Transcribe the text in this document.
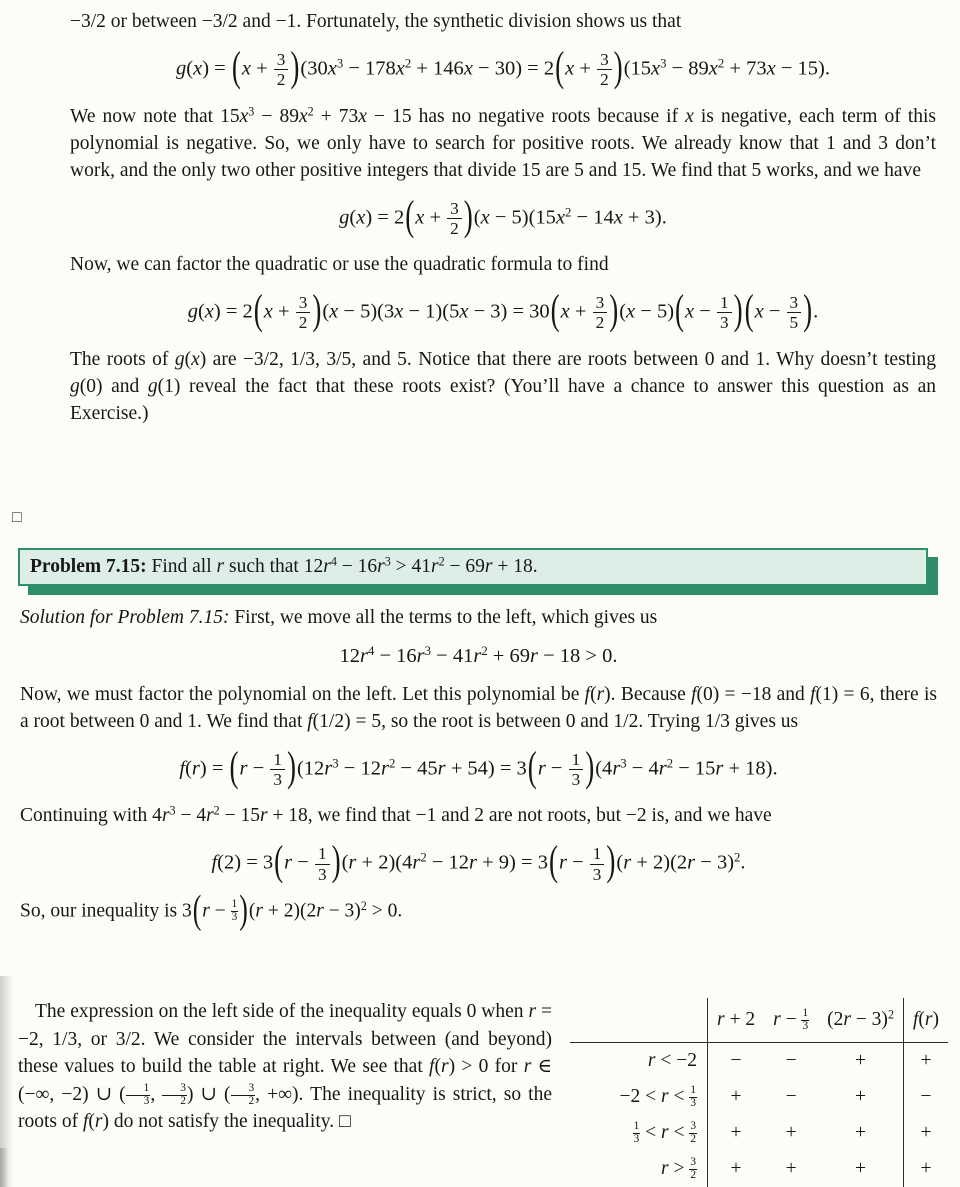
−3/2 or between −3/2 and −1. Fortunately, the synthetic division shows us that

$g(x) = (x + \frac{3}{2} )(30x^3 - 178x^2 + 146x - 30) = 2(x + \frac{3}{2} )(15x^3 - 89x^2 + 73x - 15)$.

We now note that $15x^3 - 89x^2 + 73x - 15$ has no negative roots because if x is negative, each term of this polynomial is negative. So, we only have to search for positive roots. We already know that 1 and 3 don’t work, and the only two other positive integers that divide 15 are 5 and 15. We find that 5 works, and we have

$g(x) = 2(x + \frac{3}{2} )(x - 5)(15x^2 - 14x + 3)$.

Now, we can factor the quadratic or use the quadratic formula to find

$g(x) = 2(x + \frac{3}{2} )(x - 5)(3x - 1)(5x - 3) = 30(x + \frac{3}{2} )(x - 5)(x - \frac{1}{3} )(x - \frac{3}{5}$ ).

The roots of g(x) are −3/2, 1/3, 3/5, and 5. Notice that there are roots between 0 and 1. Why doesn’t testing g(0) and g(1) reveal the fact that these roots exist? (You’ll have a chance to answer this question as an Exercise.)

□
Problem 7.15: Find all r such that $12r^4 - 16r^3 > 41r^2 - 69r + 18$.

Solution for Problem 7.15: First, we move all the terms to the left, which gives us

$12r^4 - 16r^3 - 41r^2 + 69r - 18 > 0$.

Now, we must factor the polynomial on the left. Let this polynomial be f(r). Because f(0) = −18 and f(1) = 6, there is a root between 0 and 1. We find that f(1/2) = 5, so the root is between 0 and 1/2. Trying 1/3 gives us

$f(r) = (r - \frac{1}{3} )(12r^3 - 12r^2 - 45r + 54) = 3(r - \frac{1}{3} )(4r^3 - 4r^2 - 15r + 18)$.

Continuing with $4r^3 - 4r^2 - 15r + 18$, we find that −1 and 2 are not roots, but −2 is, and we have

$f(2) = 3(r - \frac{1}{3} )(r + 2)(4r^2 - 12r + 9) = 3(r - \frac{1}{3} )(r + 2)(2r - 3)^2$.

So, our inequality is $3(r - \frac{1}{3} )(r + 2)(2r - 3)^2 > 0$.

The expression on the left side of the inequality equals 0 when r = −2, 1/3, or 3/2. We consider the intervals between (and beyond) these values to build the table at right. We see that f(r) > 0 for r ∈ (−∞, −2) ∪ ( $\frac{1}{3}$ , $\frac{3}{2}$ ) ∪ ( $\frac{3}{2}$ , +∞). The inequality is strict, so the roots of f(r) do not satisfy the inequality. □

	r + 2	$r - \frac{1}{3}$	$(2r - 3)^2$	f(r)
r < −2	−	−	+	+
$-2 < r < \frac{1}{3}$	+	−	+	−

$\frac{1}{3} < r < \frac{3}{2}$	+	+	+	+
$r > \frac{3}{2}$	+	+	+	+
